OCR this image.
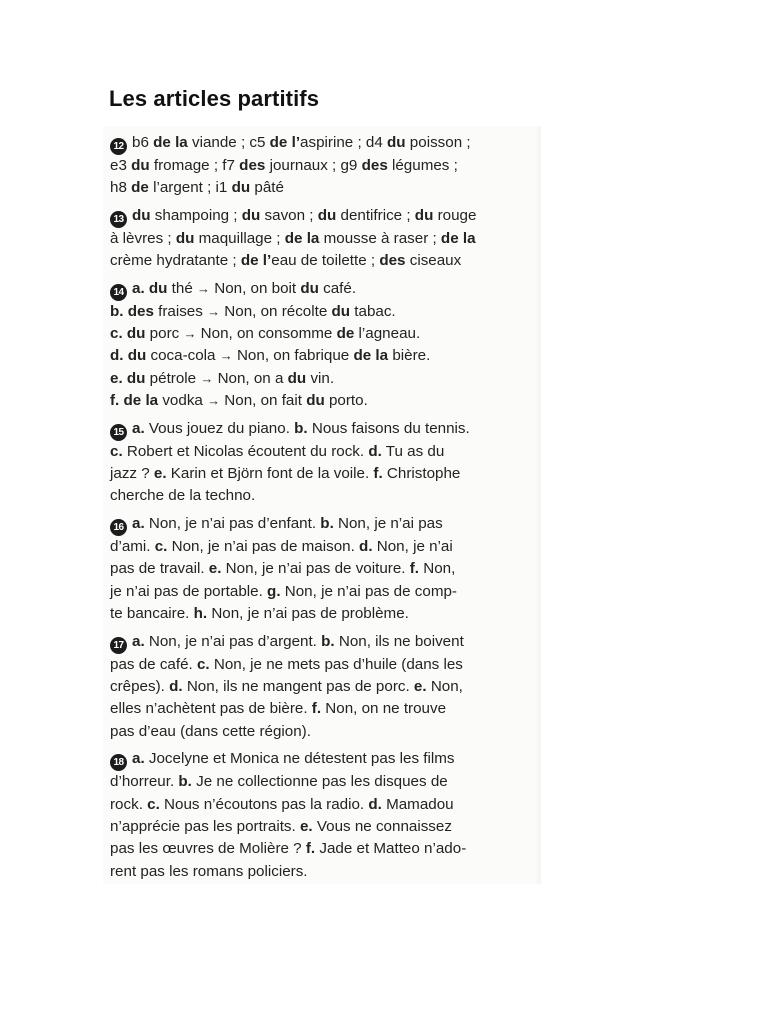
Les articles partitifs
12 b6 de la viande ; c5 de l’aspirine ; d4 du poisson ;
e3 du fromage ; f7 des journaux ; g9 des légumes ;
h8 de l’argent ; i1 du pâté
13 du shampoing ; du savon ; du dentifrice ; du rouge
à lèvres ; du maquillage ; de la mousse à raser ; de la
crème hydratante ; de l’eau de toilette ; des ciseaux
14 a. du thé → Non, on boit du café.
b. des fraises → Non, on récolte du tabac.
c. du porc → Non, on consomme de l’agneau.
d. du coca-cola → Non, on fabrique de la bière.
e. du pétrole → Non, on a du vin.
f. de la vodka → Non, on fait du porto.
15 a. Vous jouez du piano. b. Nous faisons du tennis.
c. Robert et Nicolas écoutent du rock. d. Tu as du
jazz ? e. Karin et Björn font de la voile. f. Christophe
cherche de la techno.
16 a. Non, je n’ai pas d’enfant. b. Non, je n’ai pas
d’ami. c. Non, je n’ai pas de maison. d. Non, je n’ai
pas de travail. e. Non, je n’ai pas de voiture. f. Non,
je n’ai pas de portable. g. Non, je n’ai pas de comp-
te bancaire. h. Non, je n’ai pas de problème.
17 a. Non, je n’ai pas d’argent. b. Non, ils ne boivent
pas de café. c. Non, je ne mets pas d’huile (dans les
crêpes). d. Non, ils ne mangent pas de porc. e. Non,
elles n’achètent pas de bière. f. Non, on ne trouve
pas d’eau (dans cette région).
18 a. Jocelyne et Monica ne détestent pas les films
d’horreur. b. Je ne collectionne pas les disques de
rock. c. Nous n’écoutons pas la radio. d. Mamadou
n’apprécie pas les portraits. e. Vous ne connaissez
pas les œuvres de Molière ? f. Jade et Matteo n’ado-
rent pas les romans policiers.
